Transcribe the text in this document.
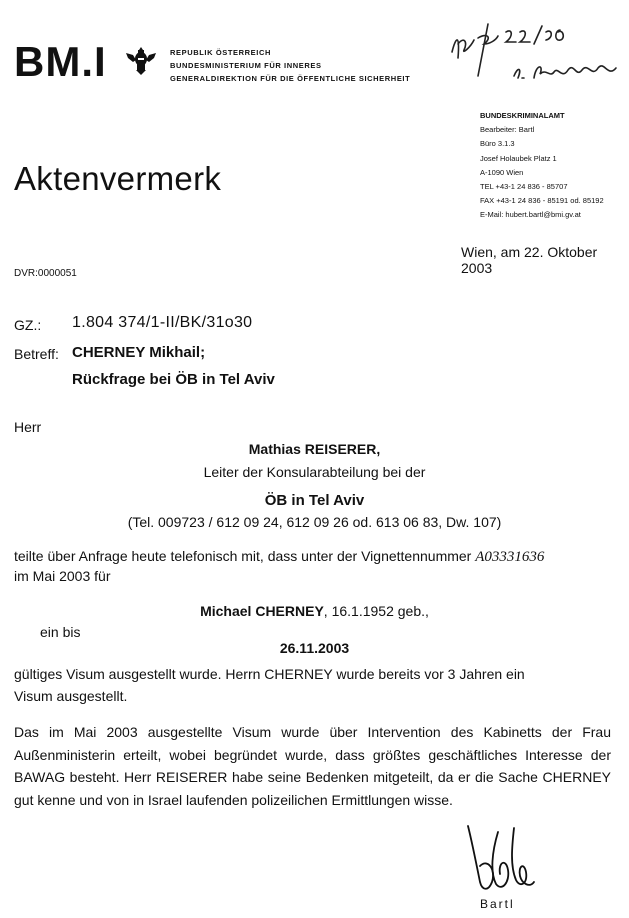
BM.I	REPUBLIK ÖSTERREICH
BUNDESMINISTERIUM FÜR INNERES
GENERALDIREKTION FÜR DIE ÖFFENTLICHE SICHERHEIT
Aktenvermerk
BUNDESKRIMINALAMT
Bearbeiter: Bartl
Büro 3.1.3
Josef Holaubek Platz 1
A-1090 Wien
TEL +43-1 24 836 - 85707
FAX +43-1 24 836 - 85191 od. 85192
E-Mail: hubert.bartl@bmi.gv.at
Wien, am 22. Oktober 2003
DVR:0000051
GZ.: 1.804 374/1-II/BK/31o30
Betreff: CHERNEY Mikhail;
Rückfrage bei ÖB in Tel Aviv
Herr
Mathias REISERER,
Leiter der Konsularabteilung bei der
ÖB in Tel Aviv
(Tel. 009723 / 612 09 24, 612 09 26 od. 613 06 83, Dw. 107)
teilte über Anfrage heute telefonisch mit, dass unter der Vignettennummer A03331636
im Mai 2003 für
Michael CHERNEY, 16.1.1952 geb.,
ein bis
26.11.2003
gültiges Visum ausgestellt wurde. Herrn CHERNEY wurde bereits vor 3 Jahren ein
Visum ausgestellt.
Das im Mai 2003 ausgestellte Visum wurde über Intervention des Kabinetts der Frau Außenministerin erteilt, wobei begründet wurde, dass größtes geschäftliches Interesse der BAWAG besteht. Herr REISERER habe seine Bedenken mitgeteilt, da er die Sache CHERNEY gut kenne und von in Israel laufenden polizeilichen Ermittlungen wisse.
Bartl
